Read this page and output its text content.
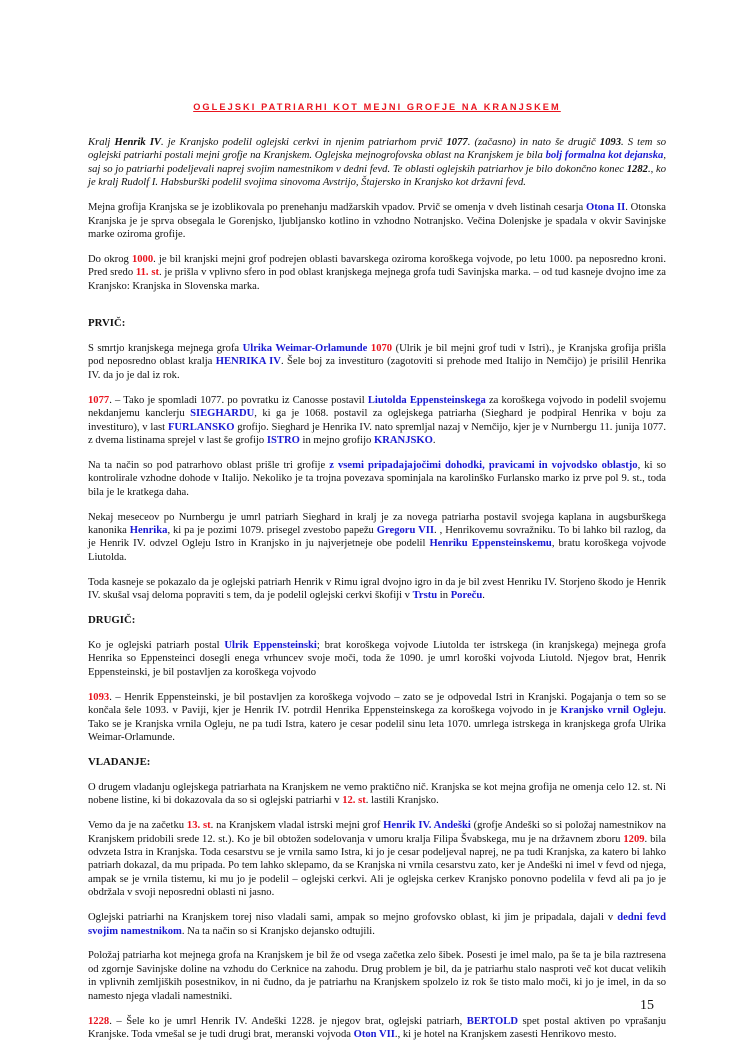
OGLEJSKI PATRIARHI KOT MEJNI GROFJE NA KRANJSKEM

Kralj Henrik IV. je Kranjsko podelil oglejski cerkvi in njenim patriarhom prvič 1077. (začasno) in nato še drugič 1093. S tem so oglejski patriarhi postali mejni grofje na Kranjskem. Oglejska mejnogrofovska oblast na Kranjskem je bila bolj formalna kot dejanska, saj so jo patriarhi podeljevali naprej svojim namestnikom v dedni fevd. Te oblasti oglejskih patriarhov je bilo dokončno konec 1282., ko je kralj Rudolf I. Habsburški podelil svojima sinovoma Avstrijo, Štajersko in Kranjsko kot državni fevd.

Mejna grofija Kranjska se je izoblikovala po prenehanju madžarskih vpadov. Prvič se omenja v dveh listinah cesarja Otona II. Otonska Kranjska je je sprva obsegala le Gorenjsko, ljubljansko kotlino in vzhodno Notranjsko. Večina Dolenjske je spadala v okvir Savinjske marke oziroma grofije.

Do okrog 1000. je bil kranjski mejni grof podrejen oblasti bavarskega oziroma koroškega vojvode, po letu 1000. pa neposredno kroni. Pred sredo 11. st. je prišla v vplivno sfero in pod oblast kranjskega mejnega grofa tudi Savinjska marka. – od tud kasneje dvojno ime za Kranjsko: Kranjska in Slovenska marka.

PRVIČ:

S smrtjo kranjskega mejnega grofa Ulrika Weimar-Orlamunde 1070 (Ulrik je bil mejni grof tudi v Istri)., je Kranjska grofija prišla pod neposredno oblast kralja HENRIKA IV. Šele boj za investituro (zagotoviti si prehode med Italijo in Nemčijo) je prisilil Henrika IV. da jo je dal iz rok.

1077. – Tako je spomladi 1077. po povratku iz Canosse postavil Liutolda Eppensteinskega za koroškega vojvodo in podelil svojemu nekdanjemu kanclerju SIEGHARDU, ki ga je 1068. postavil za oglejskega patriarha (Sieghard je podpiral Henrika v boju za investituro), v last FURLANSKO grofijo. Sieghard je Henrika IV. nato spremljal nazaj v Nemčijo, kjer je v Nurnbergu 11. junija 1077. z dvema listinama sprejel v last še grofijo ISTRO in mejno grofijo KRANJSKO.

Na ta način so pod patrarhovo oblast prišle tri grofije z vsemi pripadajajočimi dohodki, pravicami in vojvodsko oblastjo, ki so kontrolirale vzhodne dohode v Italijo. Nekoliko je ta trojna povezava spominjala na karolinško Furlansko marko iz prve pol 9. st., toda bila je le kratkega daha.

Nekaj meseceov po Nurnbergu je umrl patriarh Sieghard in kralj je za novega patriarha postavil svojega kaplana in augsburškega kanonika Henrika, ki pa je pozimi 1079. prisegel zvestobo papežu Gregoru VII. , Henrikovemu sovražniku. To bi lahko bil razlog, da je Henrik IV. odvzel Ogleju Istro in Kranjsko in ju najverjetneje obe podelil Henriku Eppensteinskemu, bratu koroškega vojvode Liutolda.

Toda kasneje se pokazalo da je oglejski patriarh Henrik v Rimu igral dvojno igro in da je bil zvest Henriku IV. Storjeno škodo je Henrik IV. skušal vsaj deloma popraviti s tem, da je podelil oglejski cerkvi škofiji v Trstu in Poreču.

DRUGIČ:

Ko je oglejski patriarh postal Ulrik Eppensteinski; brat koroškega vojvode Liutolda ter istrskega (in kranjskega) mejnega grofa Henrika so Eppensteinci dosegli enega vrhuncev svoje moči, toda že 1090. je umrl koroški vojvoda Liutold. Njegov brat, Henrik Eppensteinski, je bil postavljen za koroškega vojvodo

1093. – Henrik Eppensteinski, je bil postavljen za koroškega vojvodo – zato se je odpovedal Istri in Kranjski. Pogajanja o tem so se končala šele 1093. v Paviji, kjer je Henrik IV. potrdil Henrika Eppensteinskega za koroškega vojvodo in je Kranjsko vrnil Ogleju. Tako se je Kranjska vrnila Ogleju, ne pa tudi Istra, katero je cesar podelil sinu leta 1070. umrlega istrskega in kranjskega grofa Ulrika Weimar-Orlamunde.

VLADANJE:

O drugem vladanju oglejskega patriarhata na Kranjskem ne vemo praktično nič. Kranjska se kot mejna grofija ne omenja celo 12. st. Ni nobene listine, ki bi dokazovala da so si oglejski patriarhi v 12. st. lastili Kranjsko.

Vemo da je na začetku 13. st. na Kranjskem vladal istrski mejni grof Henrik IV. Andeški (grofje Andeški so si položaj namestnikov na Kranjskem pridobili srede 12. st.). Ko je bil obtožen sodelovanja v umoru kralja Filipa Švabskega, mu je na državnem zboru 1209. bila odvzeta Istra in Kranjska. Toda cesarstvu se je vrnila samo Istra, ki jo je cesar podeljeval naprej, ne pa tudi Kranjska, za katero bi lahko patriarh dokazal, da mu pripada. Po tem lahko sklepamo, da se Kranjska ni vrnila cesarstvu zato, ker je Andeški ni imel v fevd od njega, ampak se je vrnila tistemu, ki mu jo je podelil – oglejski cerkvi. Ali je oglejska cerkev Kranjsko ponovno podelila v fevd ali pa jo je obdržala v svoji neposredni oblasti ni jasno.

Oglejski patriarhi na Kranjskem torej niso vladali sami, ampak so mejno grofovsko oblast, ki jim je pripadala, dajali v dedni fevd svojim namestnikom. Na ta način so si Kranjsko dejansko odtujili.

Položaj patriarha kot mejnega grofa na Kranjskem je bil že od vsega začetka zelo šibek. Posesti je imel malo, pa še ta je bila raztresena od zgornje Savinjske doline na vzhodu do Cerknice na zahodu. Drug problem je bil, da je patriarhu stalo nasproti več kot ducat velikih in vplivnih zemljiških posestnikov, in ni čudno, da je patriarhu na Kranjskem spolzelo iz rok še tisto malo moči, ki jo je imel, in da so namesto njega vladali namestniki.

1228. – Šele ko je umrl Henrik IV. Andeški 1228. je njegov brat, oglejski patriarh, BERTOLD spet postal aktiven po vprašanju Kranjske. Toda vmešal se je tudi drugi brat, meranski vojvoda Oton VII., ki je hotel na Kranjskem zasesti Henrikovo mesto.

15
